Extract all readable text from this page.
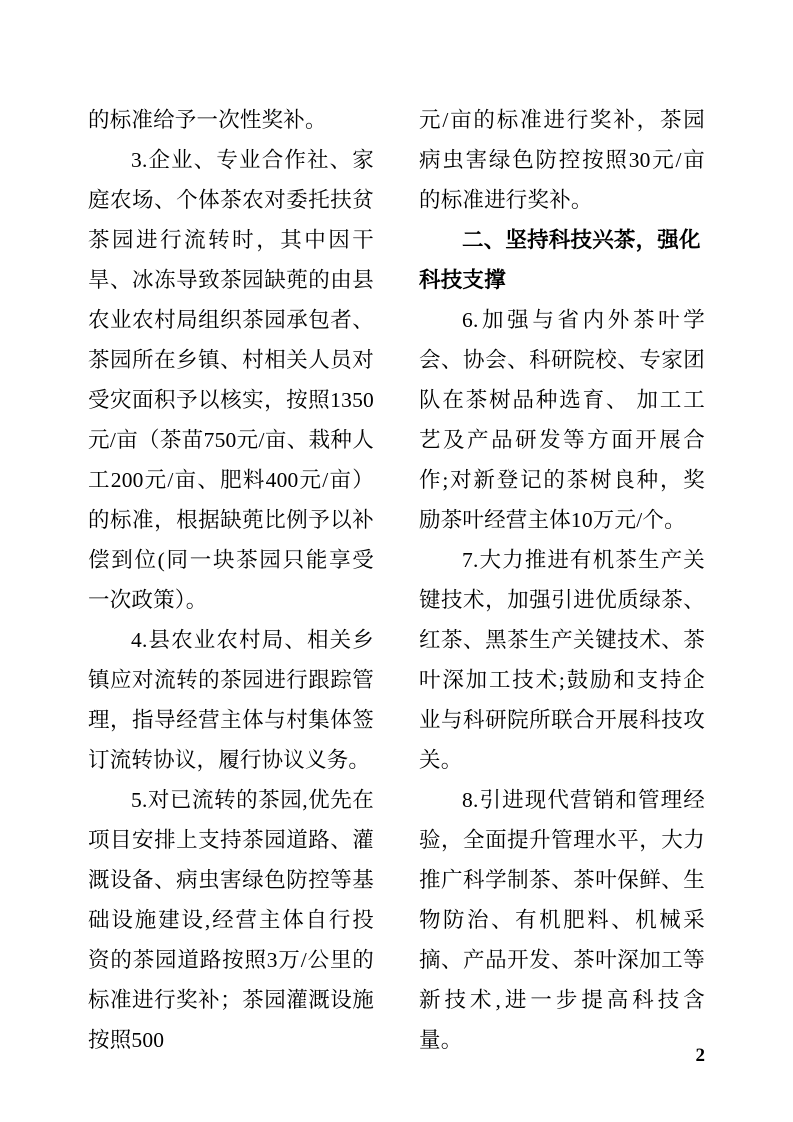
的标准给予一次性奖补。

3.企业、专业合作社、家庭农场、个体茶农对委托扶贫茶园进行流转时，其中因干旱、冰冻导致茶园缺蔸的由县农业农村局组织茶园承包者、茶园所在乡镇、村相关人员对受灾面积予以核实，按照1350元/亩（茶苗750元/亩、栽种人工200元/亩、肥料400元/亩）的标准，根据缺蔸比例予以补偿到位(同一块茶园只能享受一次政策）。

4.县农业农村局、相关乡镇应对流转的茶园进行跟踪管理，指导经营主体与村集体签订流转协议，履行协议义务。

5.对已流转的茶园,优先在项目安排上支持茶园道路、灌溉设备、病虫害绿色防控等基础设施建设,经营主体自行投资的茶园道路按照3万/公里的标准进行奖补；茶园灌溉设施按照500

元/亩的标准进行奖补，茶园病虫害绿色防控按照30元/亩的标准进行奖补。

二、坚持科技兴茶，强化科技支撑

6.加强与省内外茶叶学会、协会、科研院校、专家团队在茶树品种选育、 加工工艺及产品研发等方面开展合作;对新登记的茶树良种，奖励茶叶经营主体10万元/个。

7.大力推进有机茶生产关键技术，加强引进优质绿茶、红茶、黑茶生产关键技术、茶叶深加工技术;鼓励和支持企业与科研院所联合开展科技攻关。

8.引进现代营销和管理经验，全面提升管理水平，大力推广科学制茶、茶叶保鲜、生物防治、有机肥料、机械采摘、产品开发、茶叶深加工等新技术,进一步提高科技含量。

2
